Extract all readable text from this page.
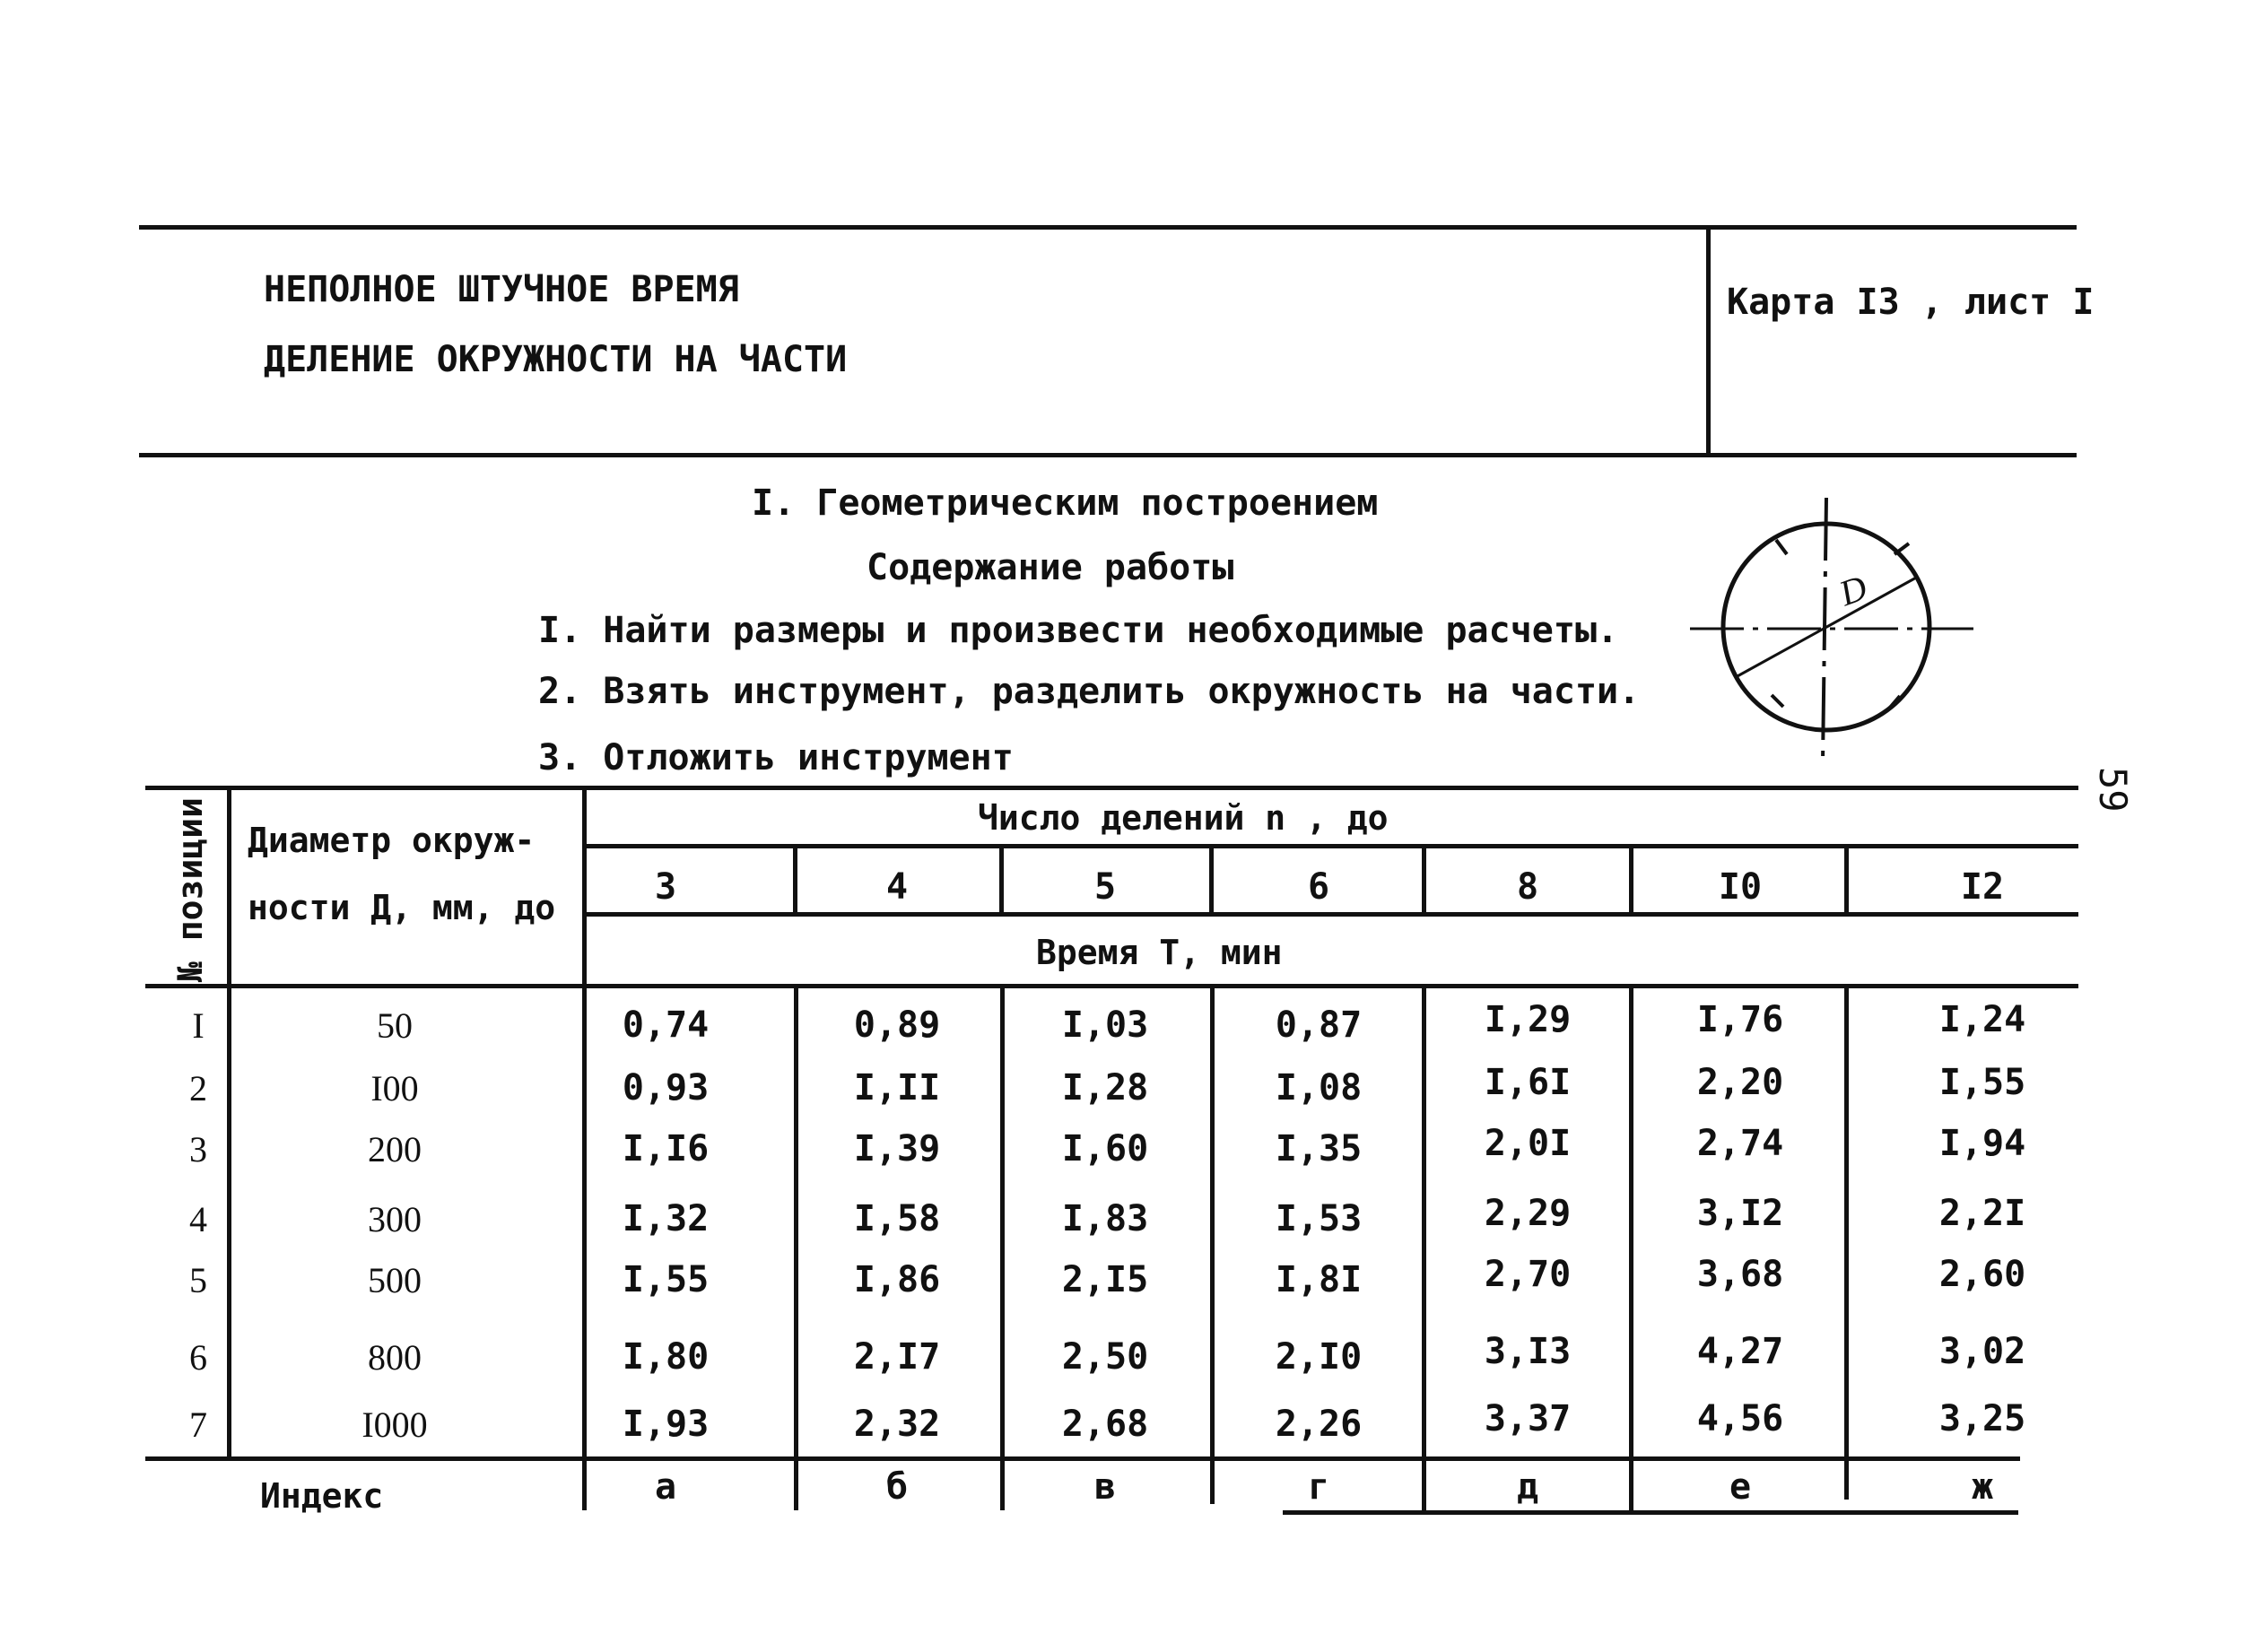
НЕПОЛНОЕ ШТУЧНОЕ ВРЕМЯ
ДЕЛЕНИЕ ОКРУЖНОСТИ НА ЧАСТИ
Карта I3 , лист I
59
I. Геометрическим построением
Содержание работы
I. Найти размеры и произвести необходимые расчеты.
2. Взять инструмент, разделить окружность на части.
3. Отложить инструмент
D
№ позиции Диаметр окруж-
ности Д, мм, до
Число делений n , до
Время Т, мин
3	4	5	6	8	I0	I2
I	50	0,74	0,89	I,03	0,87	I,29	I,76	I,24
2	I00	0,93	I,II	I,28	I,08	I,6I	2,20	I,55
3	200	I,I6	I,39	I,60	I,35	2,0I	2,74	I,94
4	300	I,32	I,58	I,83	I,53	2,29	3,I2	2,2I
5	500	I,55	I,86	2,I5	I,8I	2,70	3,68	2,60
6	800	I,80	2,I7	2,50	2,I0	3,I3	4,27	3,02
7	I000	I,93	2,32	2,68	2,26	3,37	4,56	3,25
Индекс	а	б	в	г	д	е	ж
